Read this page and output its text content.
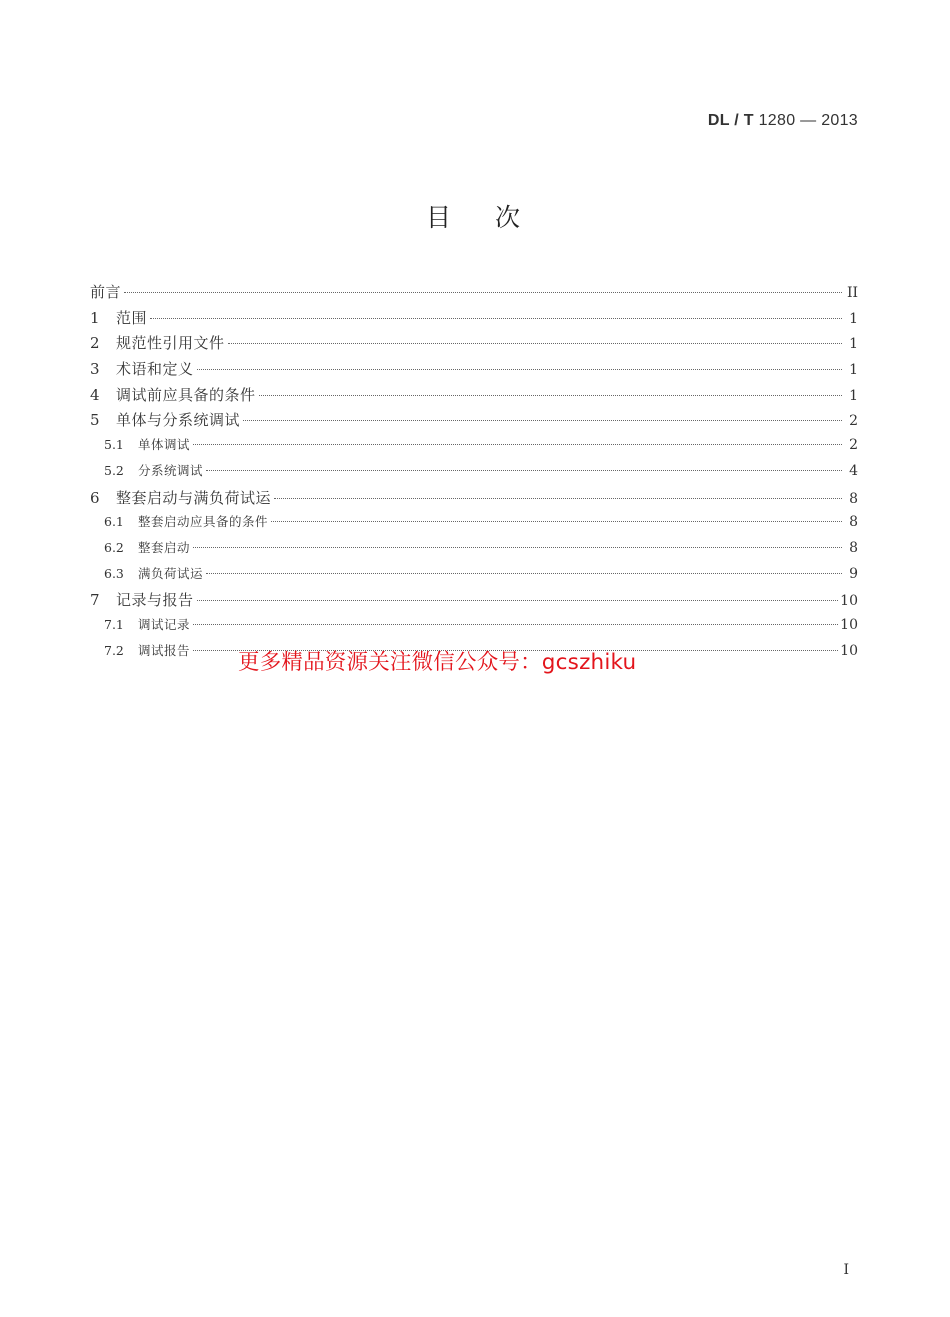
DL / T 1280 — 2013
目次
前言	II
1	范围	1
2	规范性引用文件	1
3	术语和定义	1
4	调试前应具备的条件	1
5	单体与分系统调试	2
5.1	单体调试	2
5.2	分系统调试	4
6	整套启动与满负荷试运	8
6.1	整套启动应具备的条件	8
6.2	整套启动	8
6.3	满负荷试运	9
7	记录与报告	10
7.1	调试记录	10
7.2	调试报告	10
更多精品资源关注微信公众号：gcszhiku
I
